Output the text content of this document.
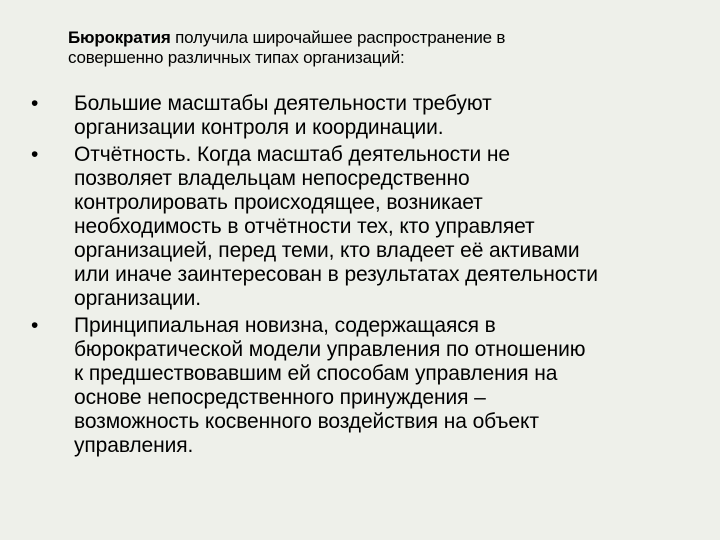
Бюрократия получила широчайшее распространение в
совершенно различных типах организаций:
•	Большие масштабы деятельности требуют
организации контроля и координации.
•	Отчётность. Когда масштаб деятельности не
позволяет владельцам непосредственно
контролировать происходящее, возникает
необходимость в отчётности тех, кто управляет
организацией, перед теми, кто владеет её активами
или иначе заинтересован в результатах деятельности
организации.
•	Принципиальная новизна, содержащаяся в
бюрократической модели управления по отношению
к предшествовавшим ей способам управления на
основе непосредственного принуждения –
возможность косвенного воздействия на объект
управления.
